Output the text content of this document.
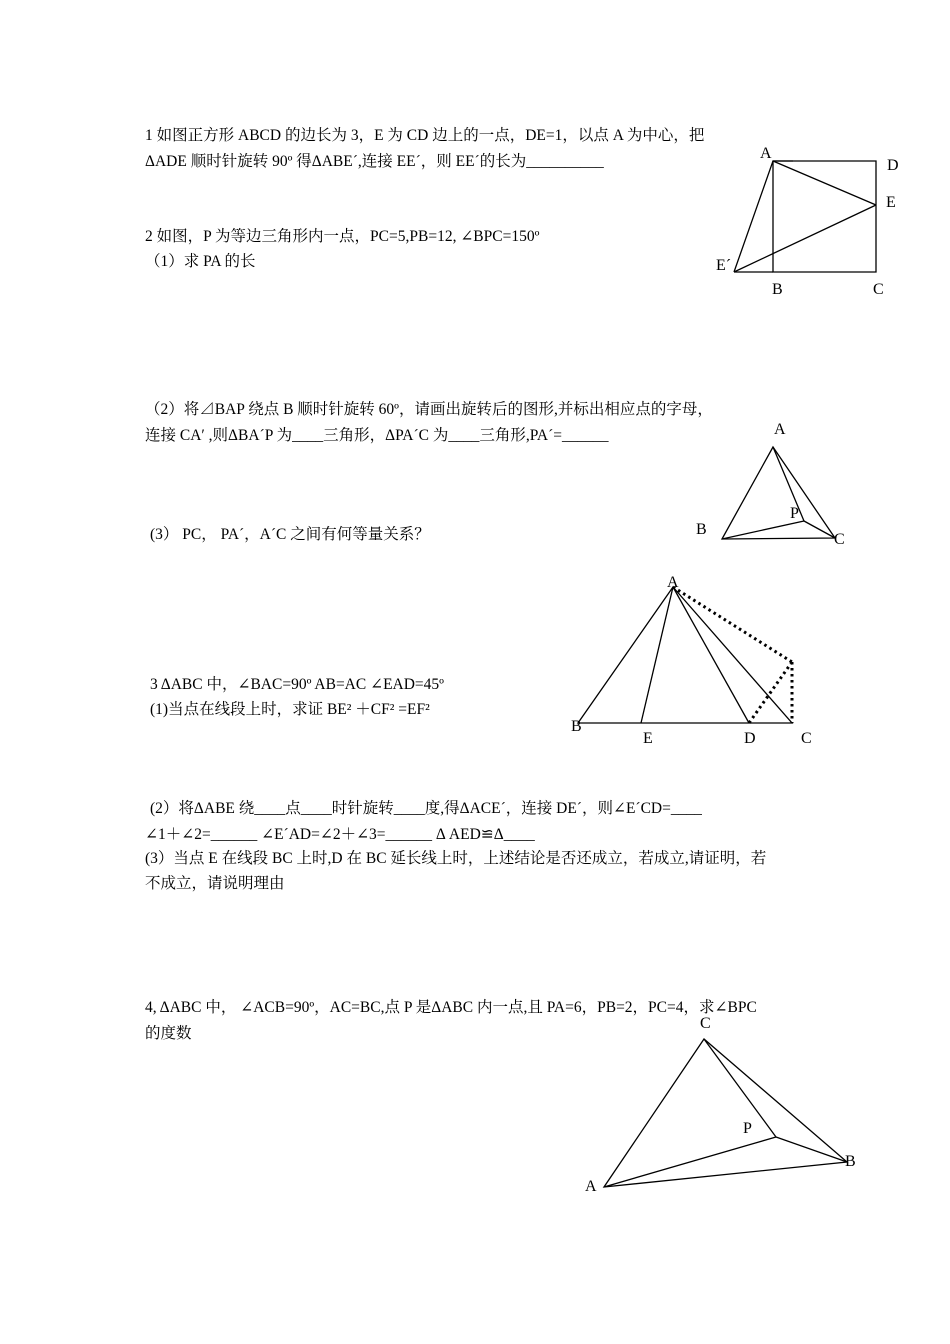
1 如图正方形 ABCD 的边长为 3，E 为 CD 边上的一点，DE=1，以点 A 为中心，把
ΔADE 顺时针旋转 90º 得ΔABE´,连接 EE´，则 EE´的长为__________
2 如图，P 为等边三角形内一点，PC=5,PB=12, ∠BPC=150º
（1）求 PA 的长
（2）将⊿BAP 绕点 B 顺时针旋转 60º，请画出旋转后的图形,并标出相应点的字母，
连接 CA′ ,则ΔBA´P 为____三角形，ΔPA´C 为____三角形,PA´=______
(3） PC， PA´，A´C 之间有何等量关系？
3 ΔABC 中，∠BAC=90º AB=AC ∠EAD=45º
(1)当点在线段上时，求证 BE² ＋CF² =EF²
(2）将ΔABE 绕____点____时针旋转____度,得ΔACE´，连接 DE´，则∠E´CD=____
∠1＋∠2=______ ∠E´AD=∠2＋∠3=______ Δ AED≌Δ____
(3）当点 E 在线段 BC 上时,D 在 BC 延长线上时，上述结论是否还成立，若成立,请证明，若
不成立，请说明理由
4, ΔABC 中， ∠ACB=90º，AC=BC,点 P 是ΔABC 内一点,且 PA=6，PB=2，PC=4，求∠BPC
的度数
A
D
E
E´
B	C
A
B
P
C
A
B
E	D	C
C
P
B
A
